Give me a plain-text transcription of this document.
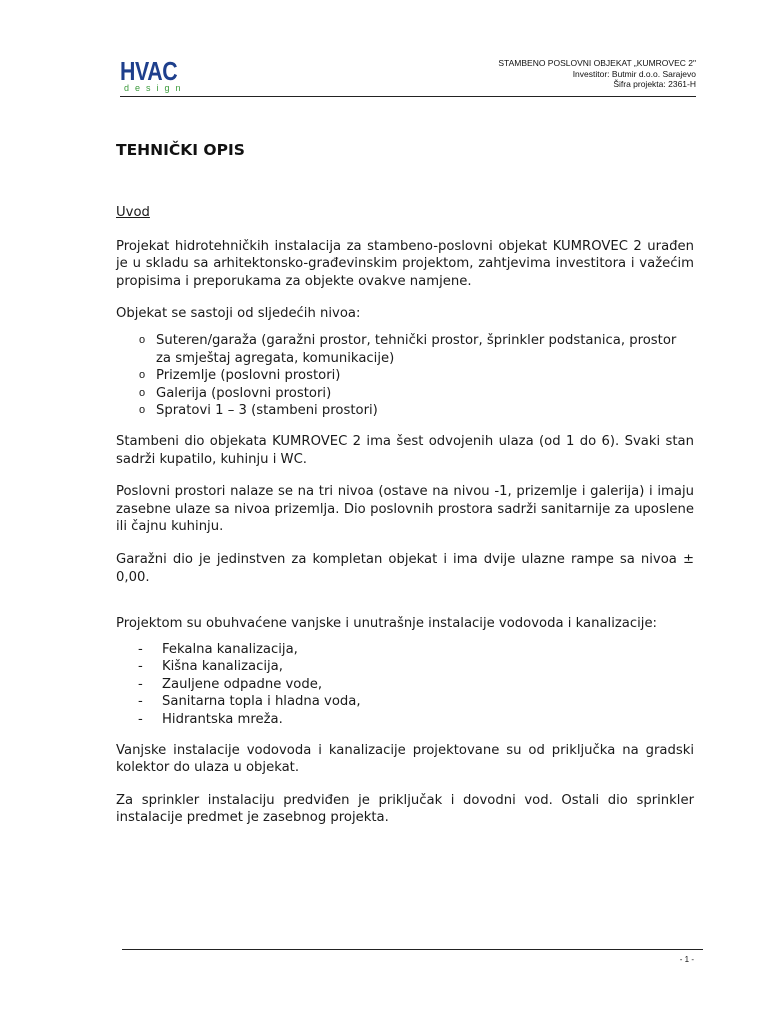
HVAC
design
STAMBENO POSLOVNI OBJEKAT „KUMROVEC 2"
Investitor: Butmir d.o.o. Sarajevo
Šifra projekta: 2361-H
TEHNIČKI OPIS

Uvod

Projekat hidrotehničkih instalacija za stambeno-poslovni objekat KUMROVEC 2 urađen je u skladu sa arhitektonsko-građevinskim projektom, zahtjevima investitora i važećim propisima i preporukama za objekte ovakve namjene.

Objekat se sastoji od sljedećih nivoa:

o Suteren/garaža (garažni prostor, tehnički prostor, šprinkler podstanica, prostor za smještaj agregata, komunikacije)
o Prizemlje (poslovni prostori)
o Galerija (poslovni prostori)
o Spratovi 1 – 3 (stambeni prostori)

Stambeni dio objekata KUMROVEC 2 ima šest odvojenih ulaza (od 1 do 6). Svaki stan sadrži kupatilo, kuhinju i WC.

Poslovni prostori nalaze se na tri nivoa (ostave na nivou -1, prizemlje i galerija) i imaju zasebne ulaze sa nivoa prizemlja. Dio poslovnih prostora sadrži sanitarnije za uposlene ili čajnu kuhinju.

Garažni dio je jedinstven za kompletan objekat i ima dvije ulazne rampe sa nivoa ± 0,00.

Projektom su obuhvaćene vanjske i unutrašnje instalacije vodovoda i kanalizacije:

- Fekalna kanalizacija,
- Kišna kanalizacija,
- Zauljene odpadne vode,
- Sanitarna topla i hladna voda,
- Hidrantska mreža.

Vanjske instalacije vodovoda i kanalizacije projektovane su od priključka na gradski kolektor do ulaza u objekat.

Za sprinkler instalaciju predviđen je priključak i dovodni vod. Ostali dio sprinkler instalacije predmet je zasebnog projekta.

- 1 -
